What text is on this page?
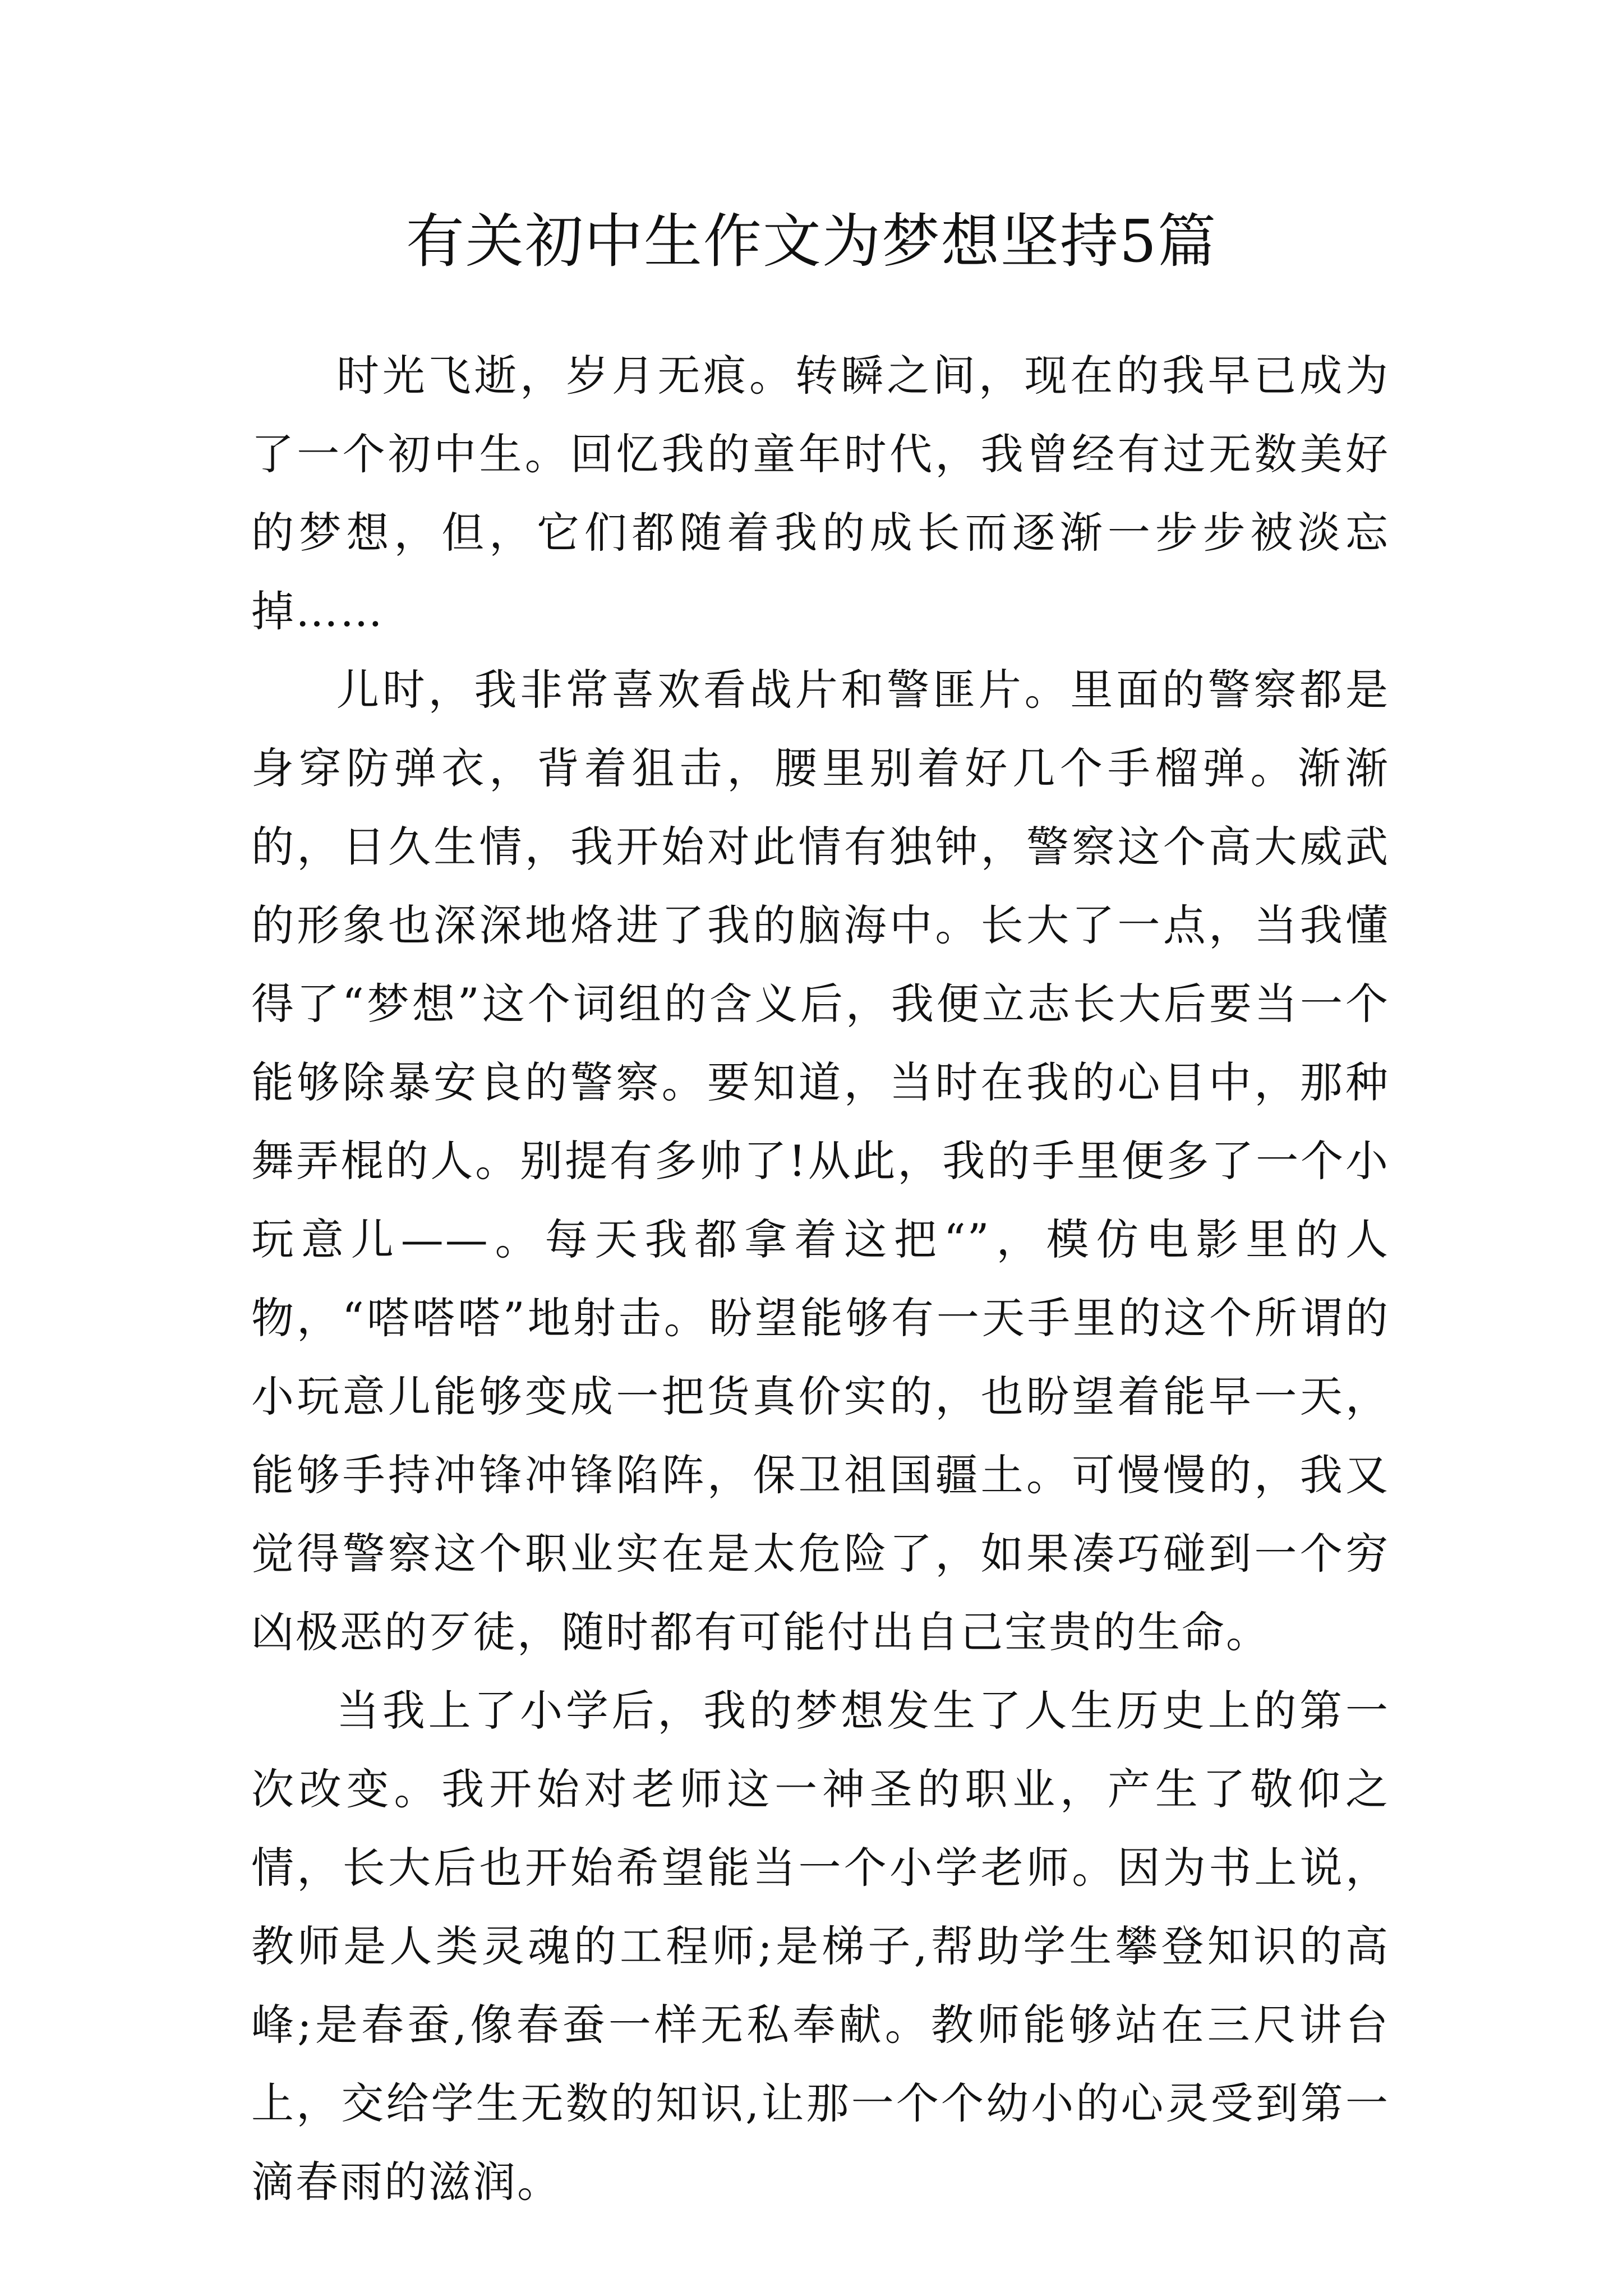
有关初中生作文为梦想坚持5篇

时光飞逝，岁月无痕。转瞬之间，现在的我早已成为了一个初中生。回忆我的童年时代，我曾经有过无数美好的梦想，但，它们都随着我的成长而逐渐一步步被淡忘掉……

儿时，我非常喜欢看战片和警匪片。里面的警察都是身穿防弹衣，背着狙击，腰里别着好几个手榴弹。渐渐的，日久生情，我开始对此情有独钟，警察这个高大威武的形象也深深地烙进了我的脑海中。长大了一点，当我懂得了“梦想”这个词组的含义后，我便立志长大后要当一个能够除暴安良的警察。要知道，当时在我的心目中，那种舞弄棍的人。别提有多帅了!从此，我的手里便多了一个小玩意儿——。每天我都拿着这把“”，模仿电影里的人物，“嗒嗒嗒”地射击。盼望能够有一天手里的这个所谓的小玩意儿能够变成一把货真价实的，也盼望着能早一天，能够手持冲锋冲锋陷阵，保卫祖国疆土。可慢慢的，我又觉得警察这个职业实在是太危险了，如果凑巧碰到一个穷凶极恶的歹徒，随时都有可能付出自己宝贵的生命。

当我上了小学后，我的梦想发生了人生历史上的第一次改变。我开始对老师这一神圣的职业，产生了敬仰之情，长大后也开始希望能当一个小学老师。因为书上说，教师是人类灵魂的工程师;是梯子,帮助学生攀登知识的高峰;是春蚕,像春蚕一样无私奉献。教师能够站在三尺讲台上，交给学生无数的知识,让那一个个幼小的心灵受到第一滴春雨的滋润。
